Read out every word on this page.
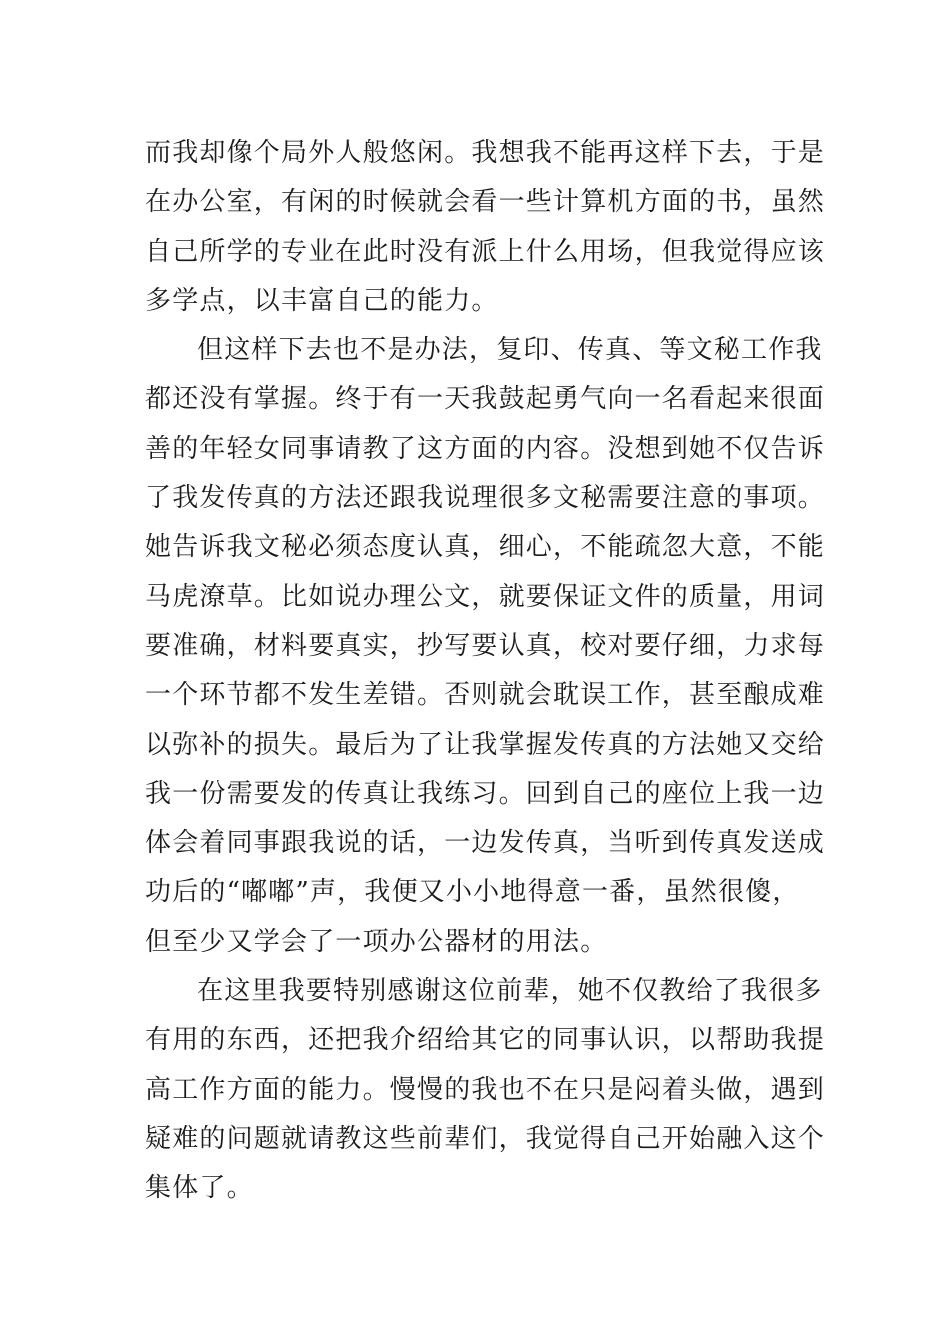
而我却像个局外人般悠闲。我想我不能再这样下去，于是
在办公室，有闲的时候就会看一些计算机方面的书，虽然
自己所学的专业在此时没有派上什么用场，但我觉得应该
多学点，以丰富自己的能力。
但这样下去也不是办法，复印、传真、等文秘工作我
都还没有掌握。终于有一天我鼓起勇气向一名看起来很面
善的年轻女同事请教了这方面的内容。没想到她不仅告诉
了我发传真的方法还跟我说理很多文秘需要注意的事项。
她告诉我文秘必须态度认真，细心，不能疏忽大意，不能
马虎潦草。比如说办理公文，就要保证文件的质量，用词
要准确，材料要真实，抄写要认真，校对要仔细，力求每
一个环节都不发生差错。否则就会耽误工作，甚至酿成难
以弥补的损失。最后为了让我掌握发传真的方法她又交给
我一份需要发的传真让我练习。回到自己的座位上我一边
体会着同事跟我说的话，一边发传真，当听到传真发送成
功后的“嘟嘟”声，我便又小小地得意一番，虽然很傻，
但至少又学会了一项办公器材的用法。
在这里我要特别感谢这位前辈，她不仅教给了我很多
有用的东西，还把我介绍给其它的同事认识，以帮助我提
高工作方面的能力。慢慢的我也不在只是闷着头做，遇到
疑难的问题就请教这些前辈们，我觉得自己开始融入这个
集体了。
